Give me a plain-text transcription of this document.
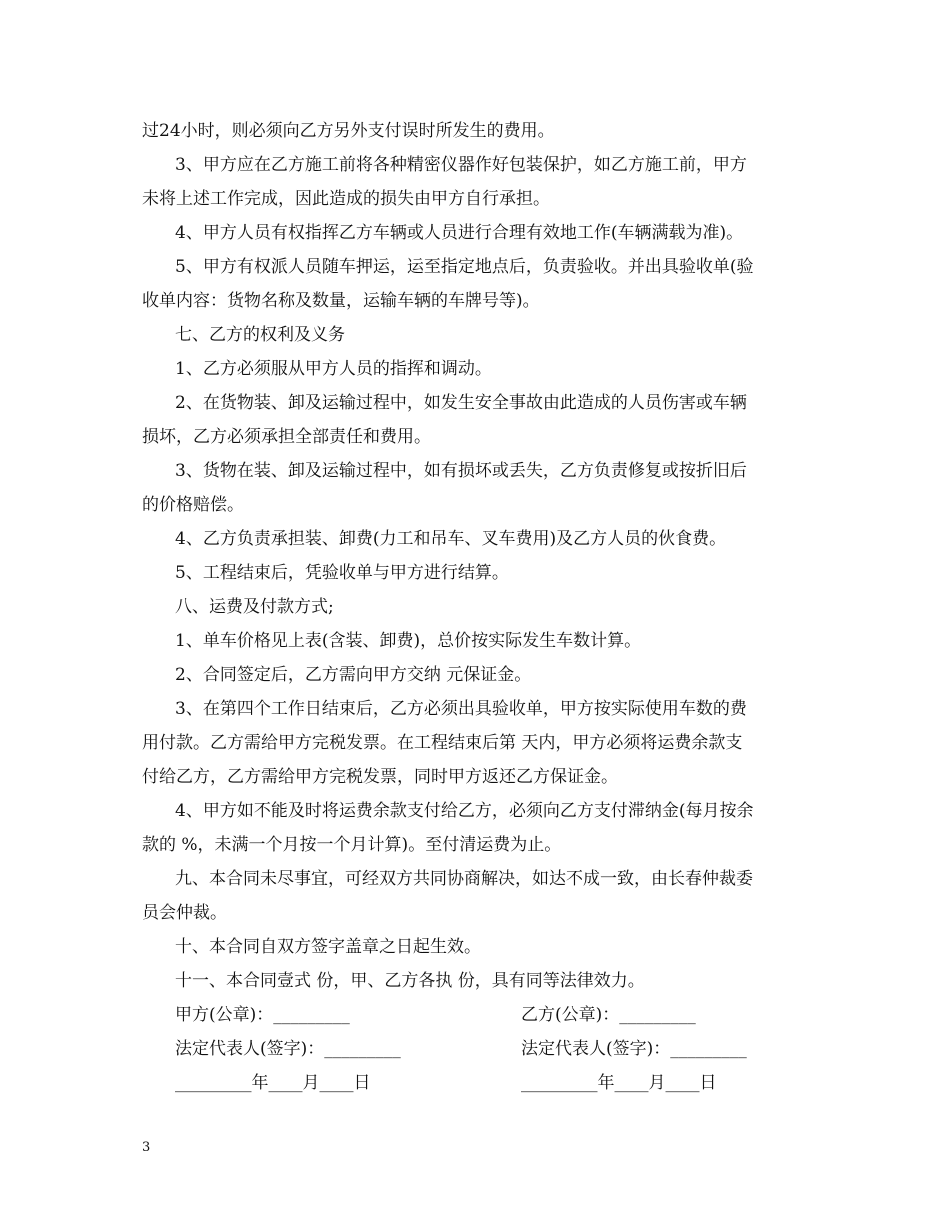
过24小时，则必须向乙方另外支付误时所发生的费用。
3、甲方应在乙方施工前将各种精密仪器作好包装保护，如乙方施工前，甲方
未将上述工作完成，因此造成的损失由甲方自行承担。
4、甲方人员有权指挥乙方车辆或人员进行合理有效地工作(车辆满载为准)。
5、甲方有权派人员随车押运，运至指定地点后，负责验收。并出具验收单(验
收单内容：货物名称及数量，运输车辆的车牌号等)。
七、乙方的权利及义务
1、乙方必须服从甲方人员的指挥和调动。
2、在货物装、卸及运输过程中，如发生安全事故由此造成的人员伤害或车辆
损坏，乙方必须承担全部责任和费用。
3、货物在装、卸及运输过程中，如有损坏或丢失，乙方负责修复或按折旧后
的价格赔偿。
4、乙方负责承担装、卸费(力工和吊车、叉车费用)及乙方人员的伙食费。
5、工程结束后，凭验收单与甲方进行结算。
八、运费及付款方式;
1、单车价格见上表(含装、卸费)，总价按实际发生车数计算。
2、合同签定后，乙方需向甲方交纳 元保证金。
3、在第四个工作日结束后，乙方必须出具验收单，甲方按实际使用车数的费
用付款。乙方需给甲方完税发票。在工程结束后第 天内，甲方必须将运费余款支
付给乙方，乙方需给甲方完税发票，同时甲方返还乙方保证金。
4、甲方如不能及时将运费余款支付给乙方，必须向乙方支付滞纳金(每月按余
款的 %，未满一个月按一个月计算)。至付清运费为止。
九、本合同未尽事宜，可经双方共同协商解决，如达不成一致，由长春仲裁委
员会仲裁。
十、本合同自双方签字盖章之日起生效。
十一、本合同壹式 份，甲、乙方各执 份，具有同等法律效力。
甲方(公章)：_________	乙方(公章)：_________
法定代表人(签字)：_________	法定代表人(签字)：_________
_________年____月____日	_________年____月____日
3
